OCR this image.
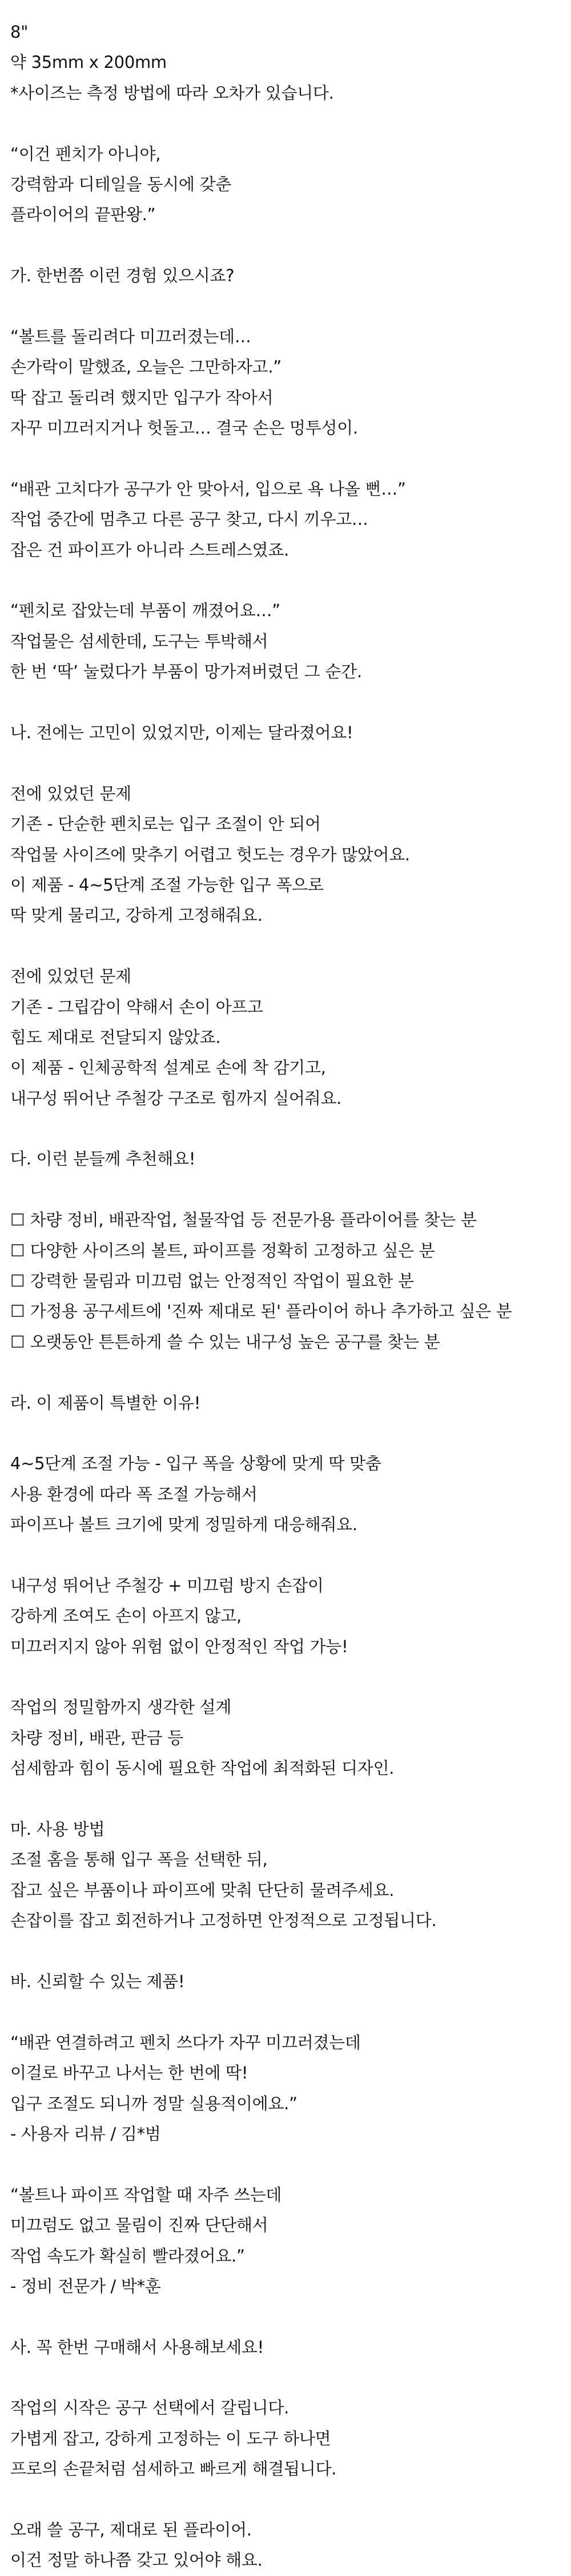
8"
약 35mm x 200mm
*사이즈는 측정 방법에 따라 오차가 있습니다.
“이건 펜치가 아니야,
강력함과 디테일을 동시에 갖춘
플라이어의 끝판왕.”
가. 한번쯤 이런 경험 있으시죠?
“볼트를 돌리려다 미끄러졌는데…
손가락이 말했죠, 오늘은 그만하자고.”
딱 잡고 돌리려 했지만 입구가 작아서
자꾸 미끄러지거나 헛돌고… 결국 손은 멍투성이.
“배관 고치다가 공구가 안 맞아서, 입으로 욕 나올 뻔…”
작업 중간에 멈추고 다른 공구 찾고, 다시 끼우고…
잡은 건 파이프가 아니라 스트레스였죠.
“펜치로 잡았는데 부품이 깨졌어요…”
작업물은 섬세한데, 도구는 투박해서
한 번 ‘딱’ 눌렀다가 부품이 망가져버렸던 그 순간.
나. 전에는 고민이 있었지만, 이제는 달라졌어요!
전에 있었던 문제
기존 - 단순한 펜치로는 입구 조절이 안 되어
작업물 사이즈에 맞추기 어렵고 헛도는 경우가 많았어요.
이 제품 - 4~5단계 조절 가능한 입구 폭으로
딱 맞게 물리고, 강하게 고정해줘요.
전에 있었던 문제
기존 - 그립감이 약해서 손이 아프고
힘도 제대로 전달되지 않았죠.
이 제품 - 인체공학적 설계로 손에 착 감기고,
내구성 뛰어난 주철강 구조로 힘까지 실어줘요.
다. 이런 분들께 추천해요!
☐ 차량 정비, 배관작업, 철물작업 등 전문가용 플라이어를 찾는 분
☐ 다양한 사이즈의 볼트, 파이프를 정확히 고정하고 싶은 분
☐ 강력한 물림과 미끄럼 없는 안정적인 작업이 필요한 분
☐ 가정용 공구세트에 '진짜 제대로 된' 플라이어 하나 추가하고 싶은 분
☐ 오랫동안 튼튼하게 쓸 수 있는 내구성 높은 공구를 찾는 분
라. 이 제품이 특별한 이유!
4~5단계 조절 가능 - 입구 폭을 상황에 맞게 딱 맞춤
사용 환경에 따라 폭 조절 가능해서
파이프나 볼트 크기에 맞게 정밀하게 대응해줘요.
내구성 뛰어난 주철강 + 미끄럼 방지 손잡이
강하게 조여도 손이 아프지 않고,
미끄러지지 않아 위험 없이 안정적인 작업 가능!
작업의 정밀함까지 생각한 설계
차량 정비, 배관, 판금 등
섬세함과 힘이 동시에 필요한 작업에 최적화된 디자인.
마. 사용 방법
조절 홈을 통해 입구 폭을 선택한 뒤,
잡고 싶은 부품이나 파이프에 맞춰 단단히 물려주세요.
손잡이를 잡고 회전하거나 고정하면 안정적으로 고정됩니다.
바. 신뢰할 수 있는 제품!
“배관 연결하려고 펜치 쓰다가 자꾸 미끄러졌는데
이걸로 바꾸고 나서는 한 번에 딱!
입구 조절도 되니까 정말 실용적이에요.”
- 사용자 리뷰 / 김*범
“볼트나 파이프 작업할 때 자주 쓰는데
미끄럼도 없고 물림이 진짜 단단해서
작업 속도가 확실히 빨라졌어요.”
- 정비 전문가 / 박*훈
사. 꼭 한번 구매해서 사용해보세요!
작업의 시작은 공구 선택에서 갈립니다.
가볍게 잡고, 강하게 고정하는 이 도구 하나면
프로의 손끝처럼 섬세하고 빠르게 해결됩니다.
오래 쓸 공구, 제대로 된 플라이어.
이건 정말 하나쯤 갖고 있어야 해요.
